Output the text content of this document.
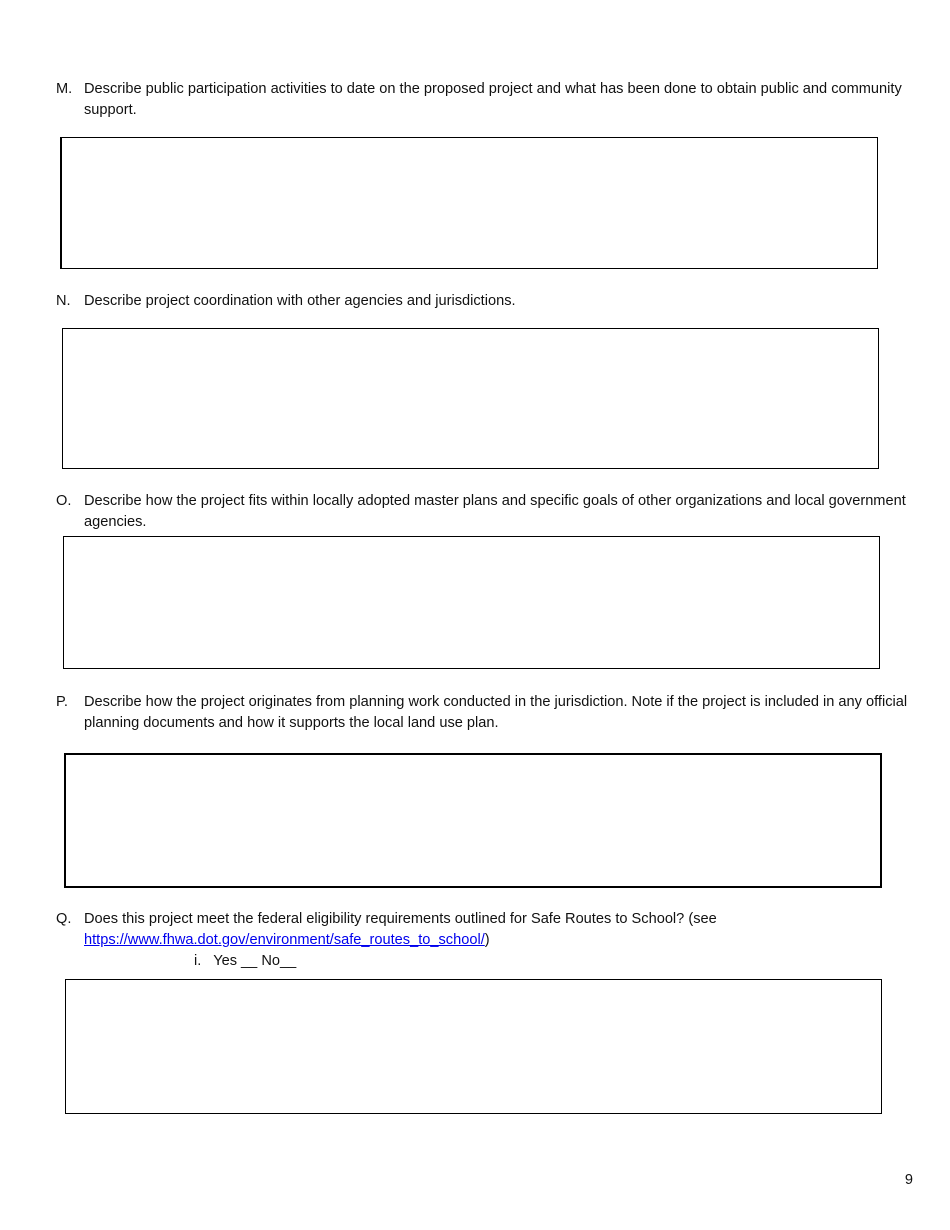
M. Describe public participation activities to date on the proposed project and what has been done to obtain public and community support.
N. Describe project coordination with other agencies and jurisdictions.
O. Describe how the project fits within locally adopted master plans and specific goals of other organizations and local government agencies.
P.	Describe how the project originates from planning work conducted in the jurisdiction. Note if the project is included in any official planning documents and how it supports the local land use plan.
Q. Does this project meet the federal eligibility requirements outlined for Safe Routes to School? (see https://www.fhwa.dot.gov/environment/safe_routes_to_school/)
i.   Yes __ No__
9
